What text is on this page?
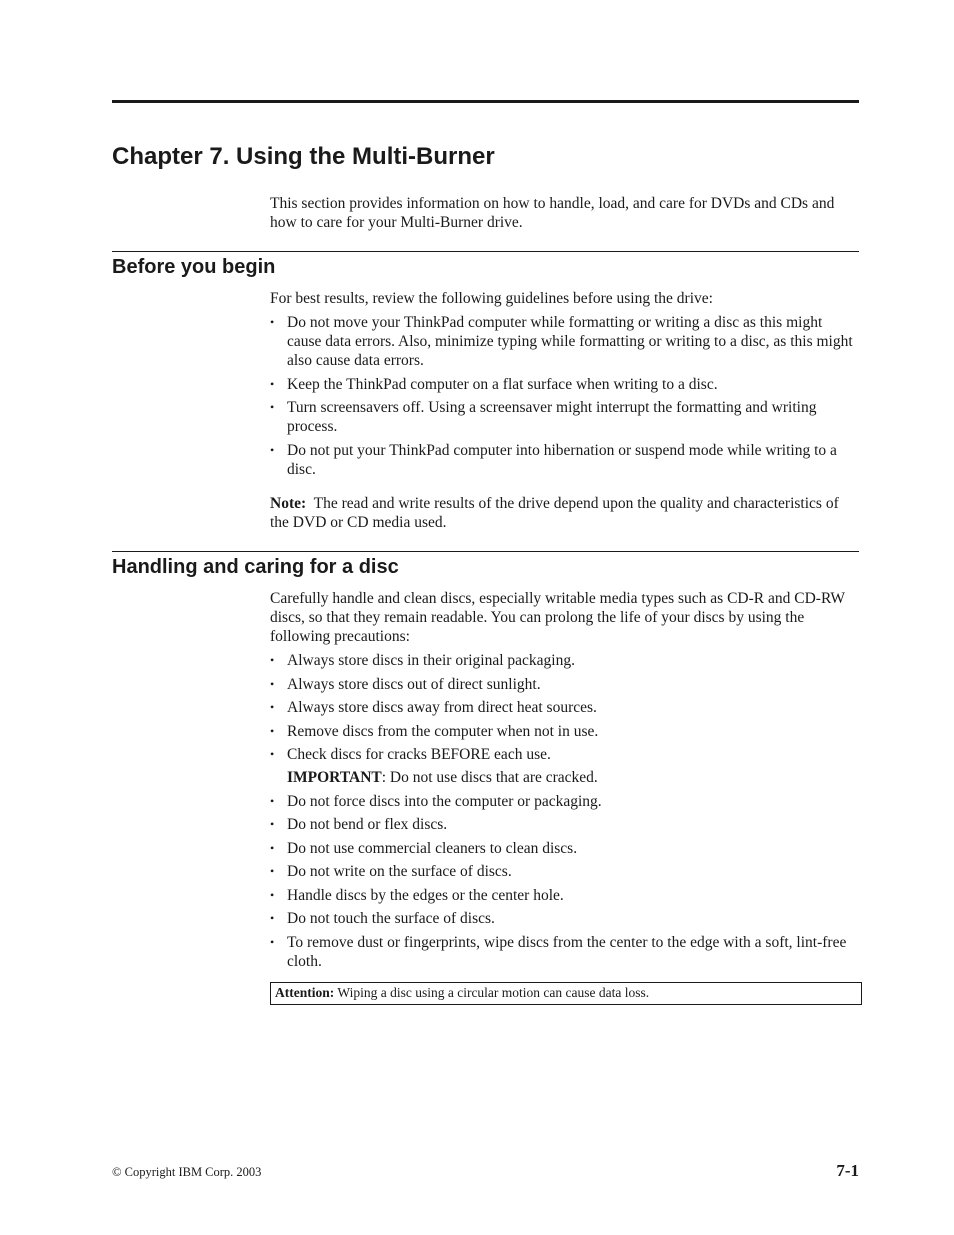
Chapter 7. Using the Multi-Burner

This section provides information on how to handle, load, and care for DVDs and CDs and how to care for your Multi-Burner drive.

Before you begin

For best results, review the following guidelines before using the drive:

• Do not move your ThinkPad computer while formatting or writing a disc as this might cause data errors. Also, minimize typing while formatting or writing to a disc, as this might also cause data errors.
• Keep the ThinkPad computer on a flat surface when writing to a disc.
• Turn screensavers off. Using a screensaver might interrupt the formatting and writing process.
• Do not put your ThinkPad computer into hibernation or suspend mode while writing to a disc.

Note: The read and write results of the drive depend upon the quality and characteristics of the DVD or CD media used.

Handling and caring for a disc

Carefully handle and clean discs, especially writable media types such as CD-R and CD-RW discs, so that they remain readable. You can prolong the life of your discs by using the following precautions:

• Always store discs in their original packaging.
• Always store discs out of direct sunlight.
• Always store discs away from direct heat sources.
• Remove discs from the computer when not in use.
• Check discs for cracks BEFORE each use.
IMPORTANT: Do not use discs that are cracked.
• Do not force discs into the computer or packaging.
• Do not bend or flex discs.
• Do not use commercial cleaners to clean discs.
• Do not write on the surface of discs.
• Handle discs by the edges or the center hole.
• Do not touch the surface of discs.
• To remove dust or fingerprints, wipe discs from the center to the edge with a soft, lint-free cloth.
Attention: Wiping a disc using a circular motion can cause data loss.
© Copyright IBM Corp. 2003	7-1
